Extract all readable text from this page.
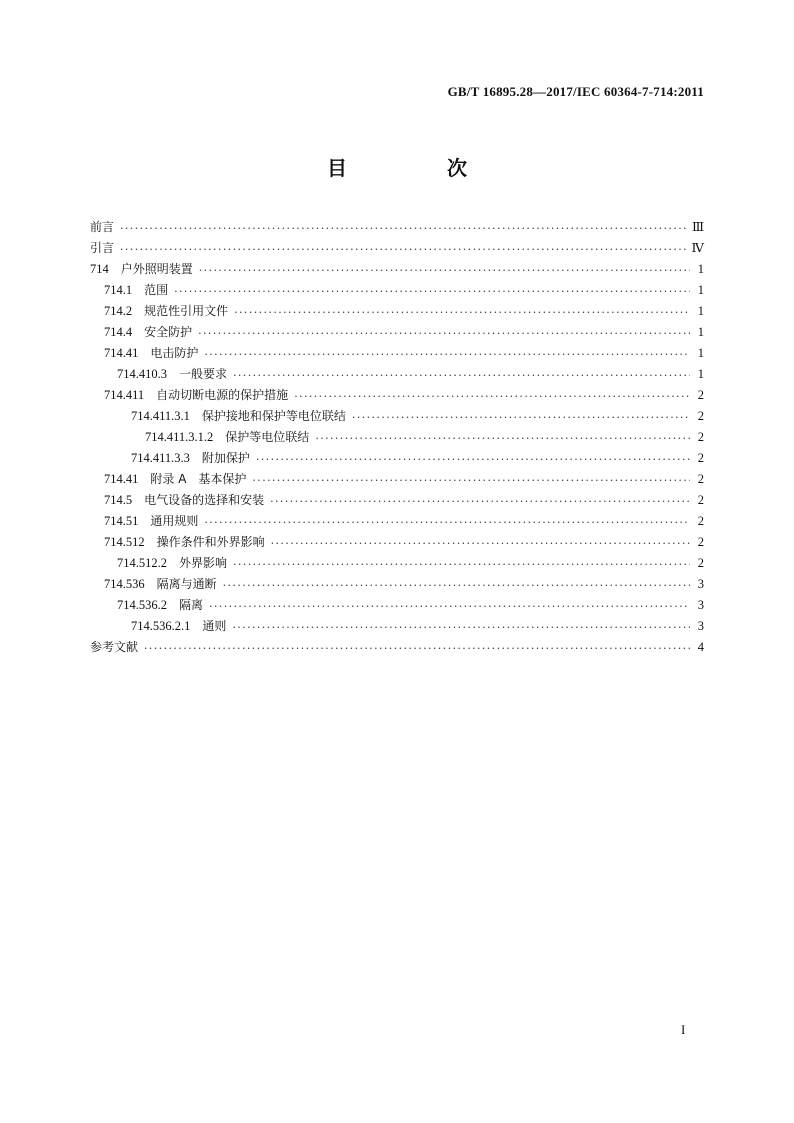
GB/T 16895.28—2017/IEC 60364-7-714:2011
目　次
前言 ·····	Ⅲ
引言 ·····	Ⅳ
714 户外照明装置 ·····	1
714.1 范围 ·····	1
714.2 规范性引用文件 ·····	1
714.4 安全防护 ·····	1
714.41 电击防护 ·····	1
714.410.3 一般要求 ·····	1
714.411 自动切断电源的保护措施 ·····	2
714.411.3.1 保护接地和保护等电位联结 ·····	2
714.411.3.1.2 保护等电位联结 ·····	2
714.411.3.3 附加保护 ·····	2
714.41 附录 A　基本保护 ·····	2
714.5 电气设备的选择和安装 ·····	2
714.51 通用规则 ·····	2
714.512 操作条件和外界影响 ·····	2
714.512.2 外界影响 ·····	2
714.536 隔离与通断 ·····	3
714.536.2 隔离 ·····	3
714.536.2.1 通则 ·····	3
参考文献 ·····	4
I
